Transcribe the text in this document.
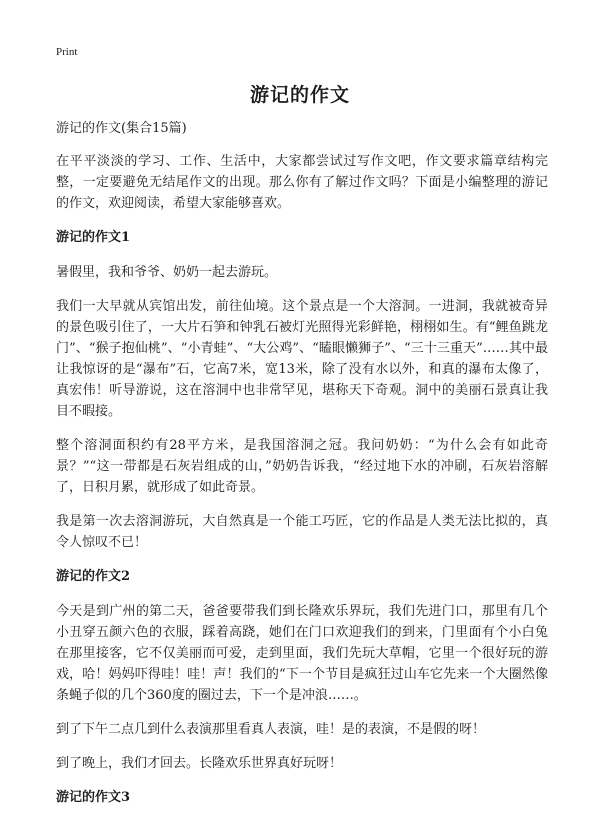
Print
游记的作文

游记的作文(集合15篇)

在平平淡淡的学习、工作、生活中，大家都尝试过写作文吧，作文要求篇章结构完整，一定要避免无结尾作文的出现。那么你有了解过作文吗？下面是小编整理的游记的作文，欢迎阅读，希望大家能够喜欢。

游记的作文1

暑假里，我和爷爷、奶奶一起去游玩。

我们一大早就从宾馆出发，前往仙境。这个景点是一个大溶洞。一进洞，我就被奇异的景色吸引住了，一大片石笋和钟乳石被灯光照得光彩鲜艳，栩栩如生。有“鲤鱼跳龙门”、“猴子抱仙桃”、“小青蛙”、“大公鸡”、“瞌眼懒狮子”、“三十三重天”……其中最让我惊讶的是“瀑布”石，它高7米，宽13米，除了没有水以外，和真的瀑布太像了，真宏伟！听导游说，这在溶洞中也非常罕见，堪称天下奇观。洞中的美丽石景真让我目不暇接。

整个溶洞面积约有28平方米，是我国溶洞之冠。我问奶奶：“为什么会有如此奇景？”“这一带都是石灰岩组成的山，”奶奶告诉我，“经过地下水的冲刷，石灰岩溶解了，日积月累，就形成了如此奇景。

我是第一次去溶洞游玩，大自然真是一个能工巧匠，它的作品是人类无法比拟的，真令人惊叹不已！

游记的作文2

今天是到广州的第二天，爸爸要带我们到长隆欢乐界玩，我们先进门口，那里有几个小丑穿五颜六色的衣服，踩着高跷，她们在门口欢迎我们的到来，门里面有个小白兔在那里接客，它不仅美丽而可爱，走到里面，我们先玩大草帽，它里一个很好玩的游戏，哈！妈妈吓得哇！哇！声！我们的“下一个节目是疯狂过山车它先来一个大圈然像条蝇子似的几个360度的圈过去，下一个是冲浪……。

到了下午二点几到什么表演那里看真人表演，哇！是的表演，不是假的呀！

到了晚上，我们才回去。长隆欢乐世界真好玩呀！

游记的作文3
